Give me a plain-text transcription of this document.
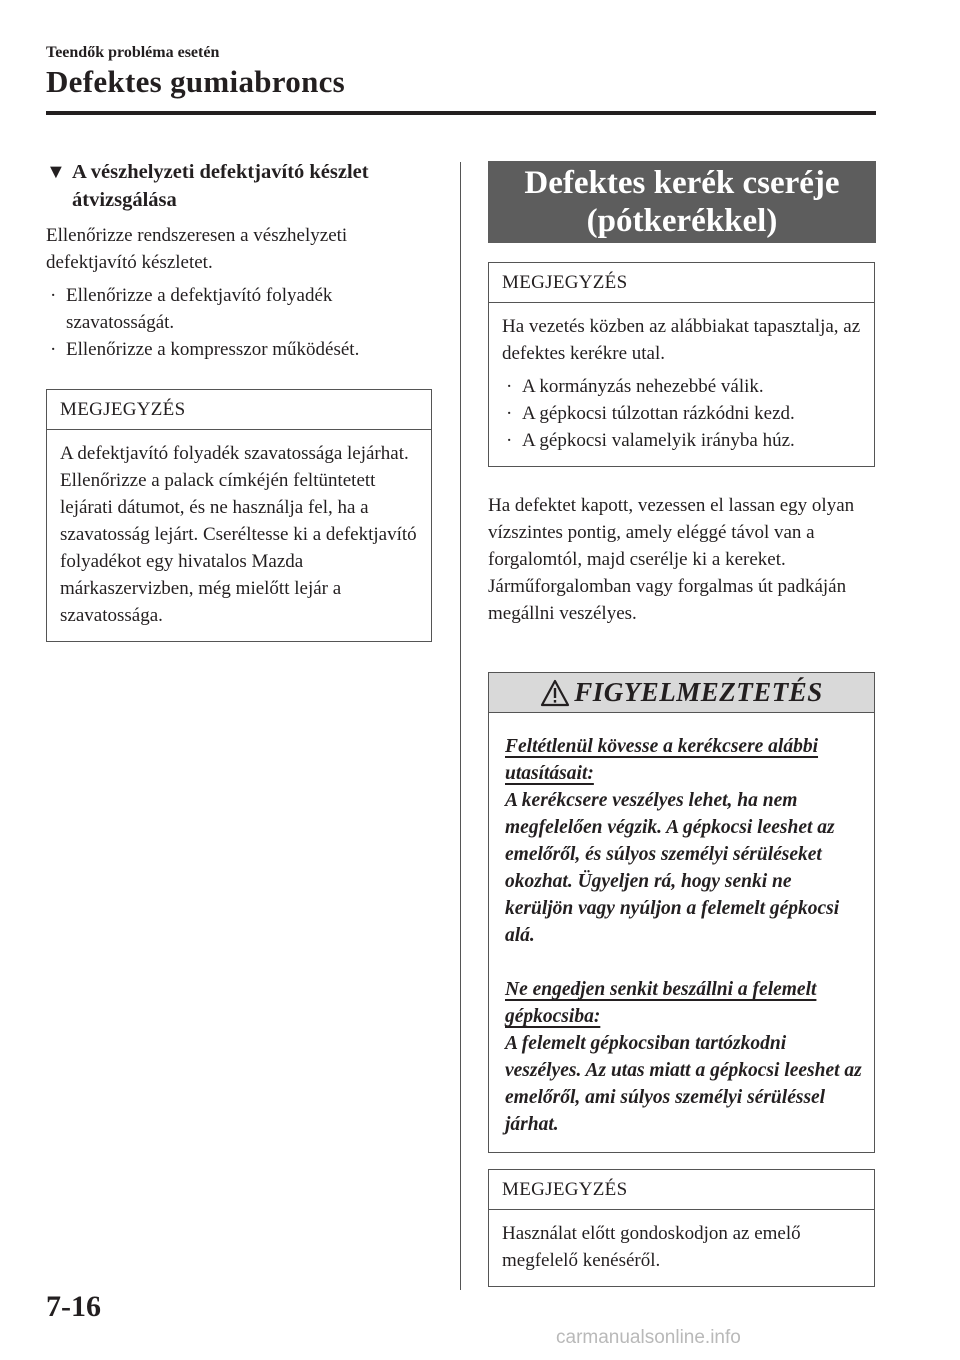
Teendők probléma esetén
Defektes gumiabroncs
▼ A vészhelyzeti defektjavító készlet
átvizsgálása
Ellenőrizze rendszeresen a vészhelyzeti defektjavító készletet.
· Ellenőrizze a defektjavító folyadék szavatosságát.
· Ellenőrizze a kompresszor működését.
MEGJEGYZÉS
A defektjavító folyadék szavatossága lejárhat. Ellenőrizze a palack címkéjén feltüntetett lejárati dátumot, és ne használja fel, ha a szavatosság lejárt. Cseréltesse ki a defektjavító folyadékot egy hivatalos Mazda márkaszervizben, még mielőtt lejár a szavatossága.
Defektes kerék cseréje
(pótkerékkel)
MEGJEGYZÉS
Ha vezetés közben az alábbiakat tapasztalja, az defektes kerékre utal.
· A kormányzás nehezebbé válik.
· A gépkocsi túlzottan rázkódni kezd.
· A gépkocsi valamelyik irányba húz.
Ha defektet kapott, vezessen el lassan egy olyan vízszintes pontig, amely eléggé távol van a forgalomtól, majd cserélje ki a kereket.
Járműforgalomban vagy forgalmas út padkáján megállni veszélyes.
FIGYELMEZTETÉS
Feltétlenül kövesse a kerékcsere alábbi utasításait:
A kerékcsere veszélyes lehet, ha nem megfelelően végzik. A gépkocsi leeshet az emelőről, és súlyos személyi sérüléseket okozhat. Ügyeljen rá, hogy senki ne kerüljön vagy nyúljon a felemelt gépkocsi alá.
Ne engedjen senkit beszállni a felemelt gépkocsiba:
A felemelt gépkocsiban tartózkodni veszélyes. Az utas miatt a gépkocsi leeshet az emelőről, ami súlyos személyi sérüléssel járhat.
MEGJEGYZÉS
Használat előtt gondoskodjon az emelő megfelelő kenéséről.
7-16
carmanualsonline.info
